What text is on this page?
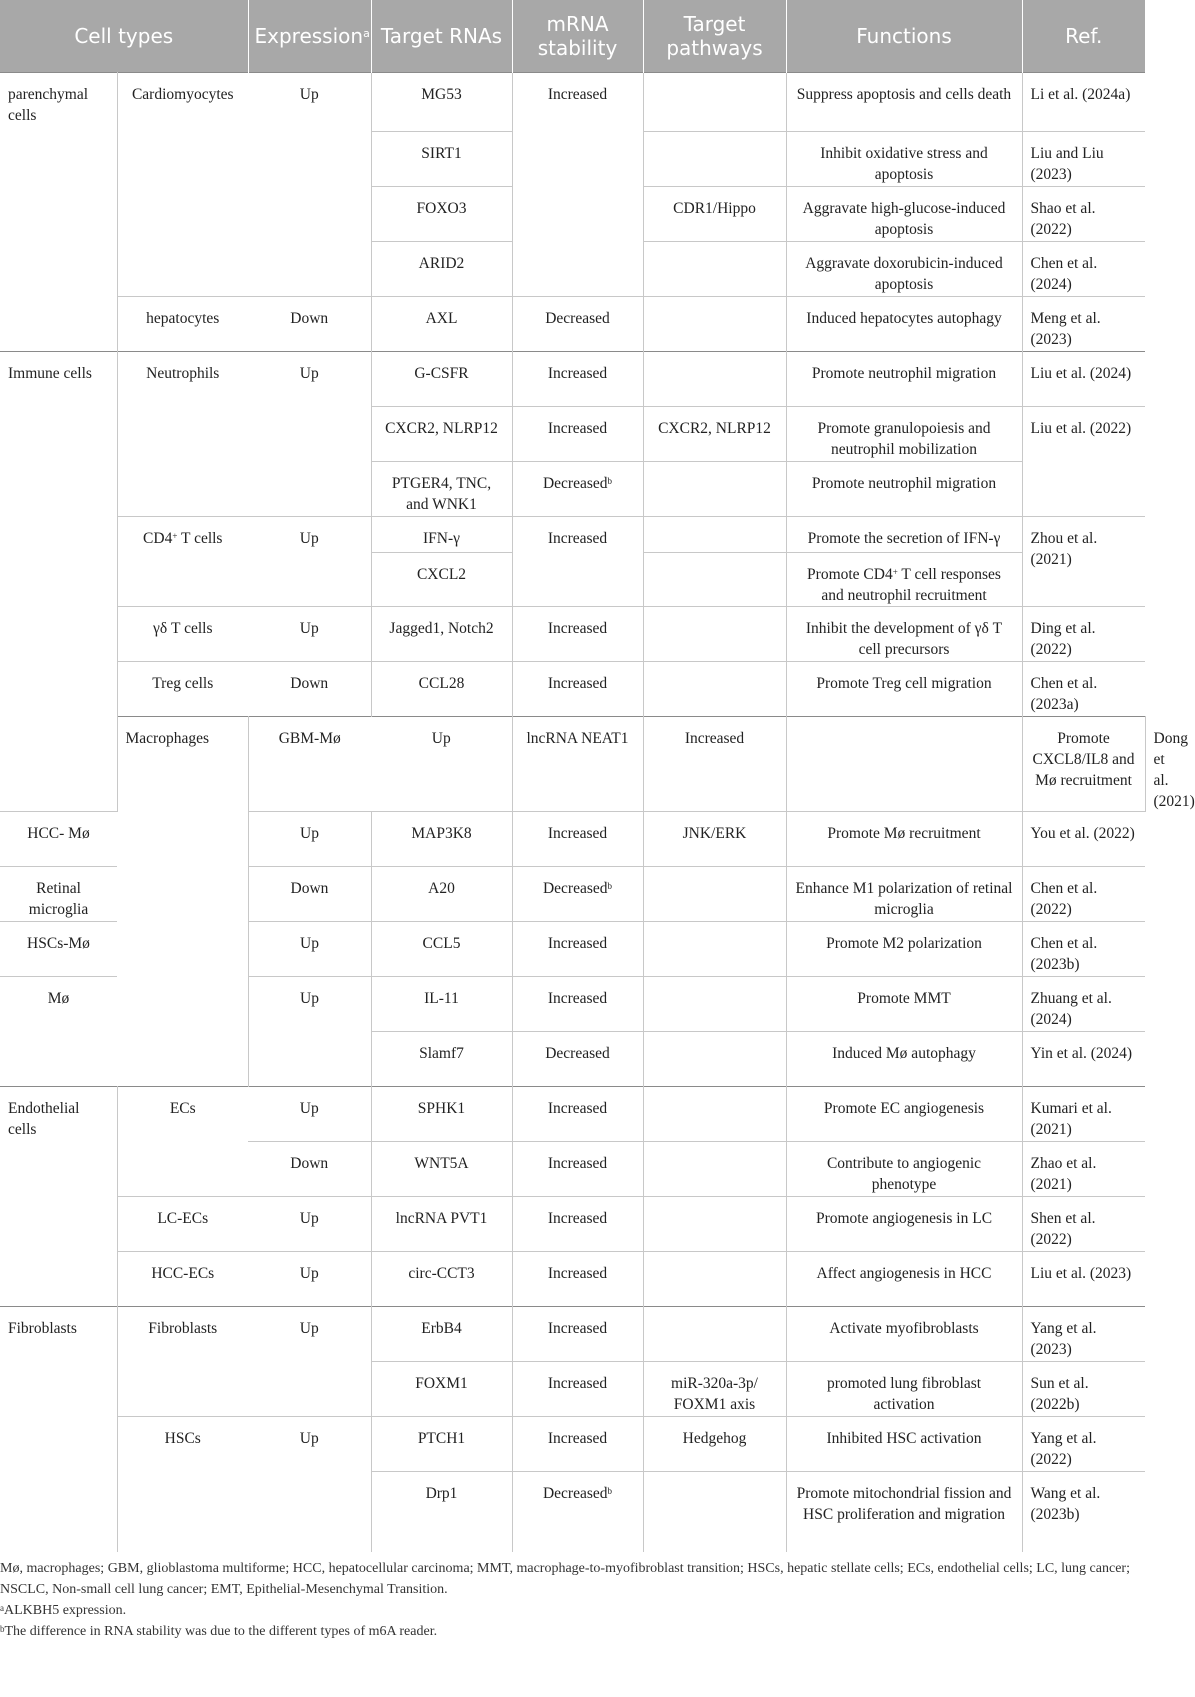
Cell types		Expression$^a$	Target RNAs	mRNA stability	Target pathways	Functions	Ref.	
parenchymal cells	Cardiomyocytes	Up	MG53	Increased		Suppress apoptosis and cells death	Li et al. (2024a)	
			SIRT1			Inhibit oxidative stress and apoptosis	Liu and Liu (2023)	
			FOXO3		CDR1/Hippo	Aggravate high-glucose-induced apoptosis	Shao et al. (2022)	
			ARID2			Aggravate doxorubicin-induced apoptosis	Chen et al. (2024)	
	hepatocytes	Down	AXL	Decreased		Induced hepatocytes autophagy	Meng et al. (2023)	
Immune cells	Neutrophils	Up	G-CSFR	Increased		Promote neutrophil migration	Liu et al. (2024)	
			CXCR2, NLRP12	Increased	CXCR2, NLRP12	Promote granulopoiesis and neutrophil mobilization	Liu et al. (2022)	
			PTGER4, TNC, and WNK1	Decreased$^b$		Promote neutrophil migration		
	CD4+ T cells	Up	IFN-γ	Increased		Promote the secretion of IFN-γ	Zhou et al. (2021)	
			CXCL2			Promote CD4+ T cell responses and neutrophil recruitment		
	γδ T cells	Up	Jagged1, Notch2	Increased		Inhibit the development of γδ T cell precursors	Ding et al. (2022)	
	Treg cells	Down	CCL28	Increased		Promote Treg cell migration	Chen et al. (2023a)	
	Macrophages	GBM-Mø	Up	lncRNA NEAT1	Increased		Promote CXCL8/IL8 and Mø recruitment	Dong et al. (2021)
HCC- Mø		Up	MAP3K8	Increased	JNK/ERK	Promote Mø recruitment	You et al. (2022)	
Retinal microglia		Down	A20	Decreased$^b$		Enhance M1 polarization of retinal microglia	Chen et al. (2022)	
HSCs-Mø		Up	CCL5	Increased		Promote M2 polarization	Chen et al. (2023b)	
Mø		Up	IL-11	Increased		Promote MMT	Zhuang et al. (2024)	
			Slamf7	Decreased		Induced Mø autophagy	Yin et al. (2024)	
Endothelial cells	ECs	Up	SPHK1	Increased		Promote EC angiogenesis	Kumari et al. (2021)	
		Down	WNT5A	Increased		Contribute to angiogenic phenotype	Zhao et al. (2021)	
	LC-ECs	Up	lncRNA PVT1	Increased		Promote angiogenesis in LC	Shen et al. (2022)	
	HCC-ECs	Up	circ-CCT3	Increased		Affect angiogenesis in HCC	Liu et al. (2023)	
Fibroblasts	Fibroblasts	Up	ErbB4	Increased		Activate myofibroblasts	Yang et al. (2023)	
			FOXM1	Increased	miR-320a-3p/ FOXM1 axis	promoted lung fibroblast activation	Sun et al. (2022b)	
	HSCs	Up	PTCH1	Increased	Hedgehog	Inhibited HSC activation	Yang et al. (2022)	
			Drp1	Decreased$^b$		Promote mitochondrial fission and HSC proliferation and migration	Wang et al. (2023b)	
Mø, macrophages; GBM, glioblastoma multiforme; HCC, hepatocellular carcinoma; MMT, macrophage-to-myofibroblast transition; HSCs, hepatic stellate cells; ECs, endothelial cells; LC, lung cancer; NSCLC, Non-small cell lung cancer; EMT, Epithelial-Mesenchymal Transition.
$^a$ALKBH5 expression.
$^b$The difference in RNA stability was due to the different types of m6A reader.
